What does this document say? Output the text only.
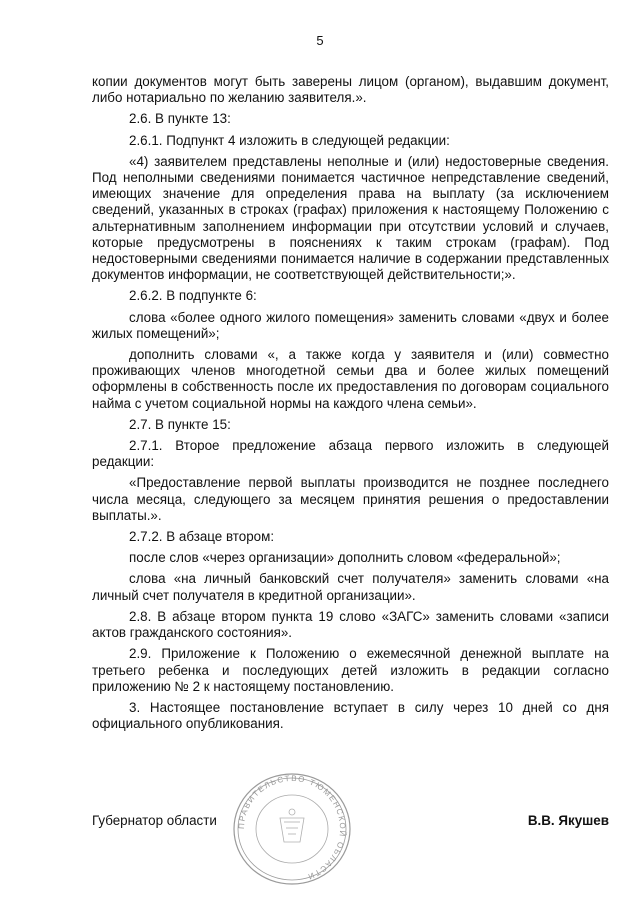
5

копии документов могут быть заверены лицом (органом), выдавшим документ, либо нотариально по желанию заявителя.».

2.6. В пункте 13:

2.6.1. Подпункт 4 изложить в следующей редакции:

«4) заявителем представлены неполные и (или) недостоверные сведения. Под неполными сведениями понимается частичное непредставление сведений, имеющих значение для определения права на выплату (за исключением сведений, указанных в строках (графах) приложения к настоящему Положению с альтернативным заполнением информации при отсутствии условий и случаев, которые предусмотрены в пояснениях к таким строкам (графам). Под недостоверными сведениями понимается наличие в содержании представленных документов информации, не соответствующей действительности;».

2.6.2. В подпункте 6:

слова «более одного жилого помещения» заменить словами «двух и более жилых помещений»;

дополнить словами «, а также когда у заявителя и (или) совместно проживающих членов многодетной семьи два и более жилых помещений оформлены в собственность после их предоставления по договорам социального найма с учетом социальной нормы на каждого члена семьи».

2.7. В пункте 15:

2.7.1. Второе предложение абзаца первого изложить в следующей редакции:

«Предоставление первой выплаты производится не позднее последнего числа месяца, следующего за месяцем принятия решения о предоставлении выплаты.».

2.7.2. В абзаце втором:

после слов «через организации» дополнить словом «федеральной»;

слова «на личный банковский счет получателя» заменить словами «на личный счет получателя в кредитной организации».

2.8. В абзаце втором пункта 19 слово «ЗАГС» заменить словами «записи актов гражданского состояния».

2.9. Приложение к Положению о ежемесячной денежной выплате на третьего ребенка и последующих детей изложить в редакции согласно приложению № 2 к настоящему постановлению.

3. Настоящее постановление вступает в силу через 10 дней со дня официального опубликования.

ПРАВИТЕЛЬСТВО ТЮМЕНСКОЙ ОБЛАСТИ
Губернатор области	В.В. Якушев
